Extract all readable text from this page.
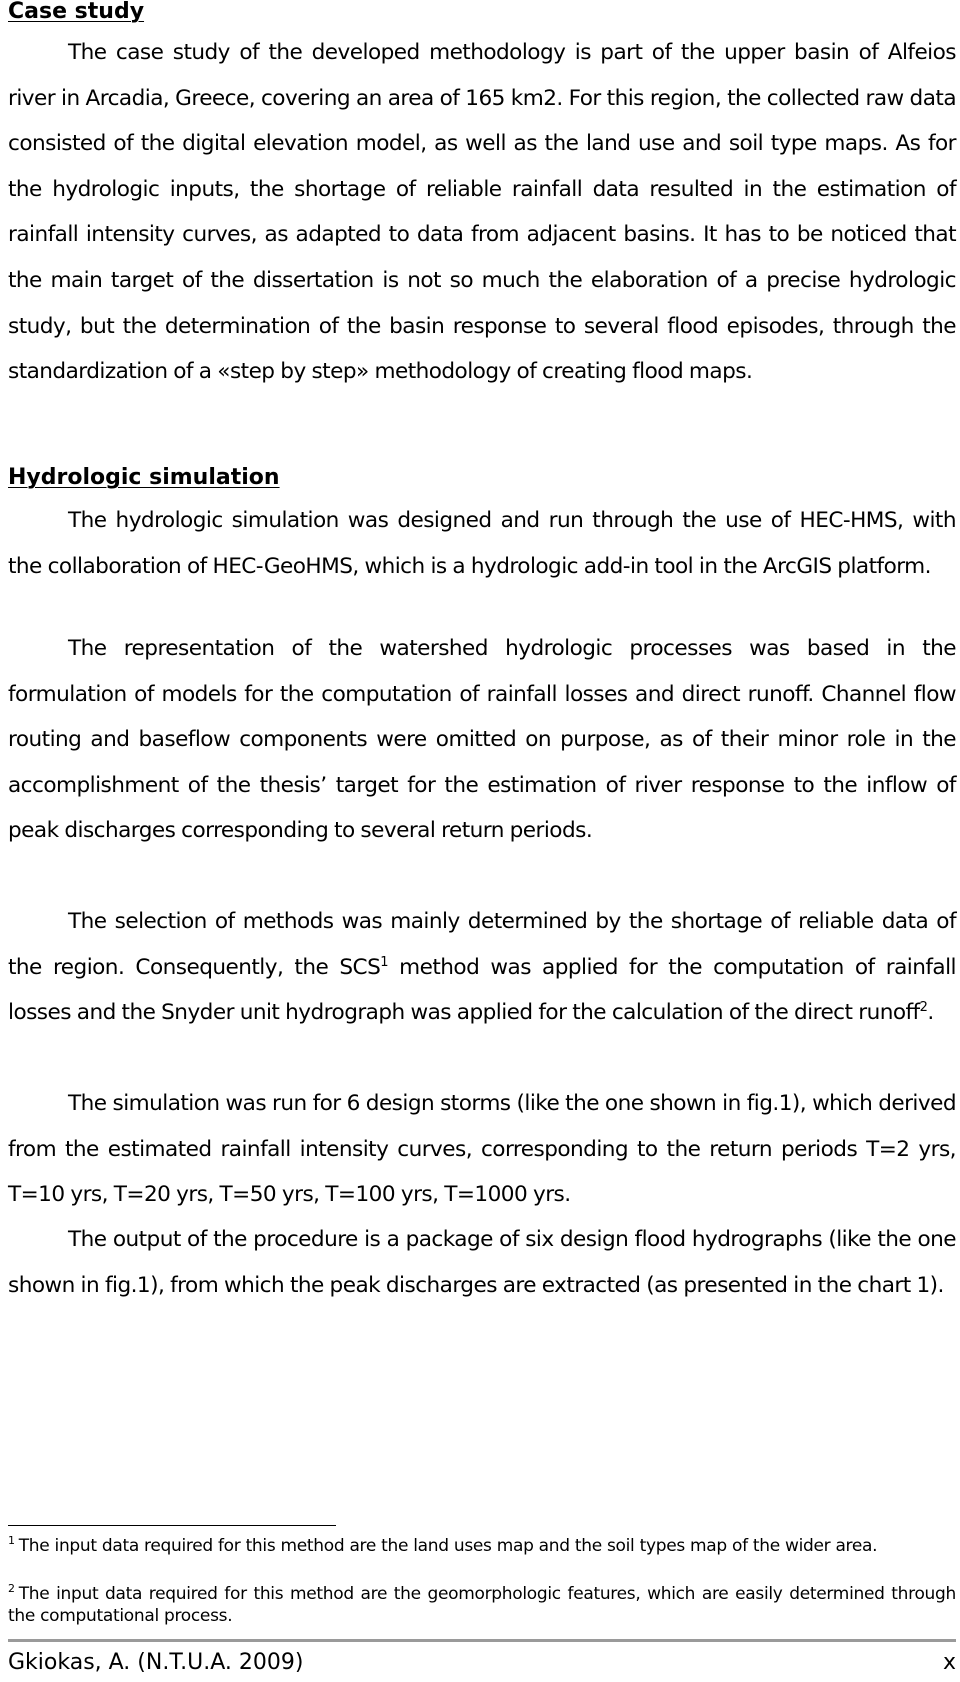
Case study

The case study of the developed methodology is part of the upper basin of Alfeios river in Arcadia, Greece, covering an area of 165 km2. For this region, the collected raw data consisted of the digital elevation model, as well as the land use and soil type maps. As for the hydrologic inputs, the shortage of reliable rainfall data resulted in the estimation of rainfall intensity curves, as adapted to data from adjacent basins. It has to be noticed that the main target of the dissertation is not so much the elaboration of a precise hydrologic study, but the determination of the basin response to several flood episodes, through the standardization of a «step by step» methodology of creating flood maps.

Hydrologic simulation

The hydrologic simulation was designed and run through the use of HEC-HMS, with the collaboration of HEC-GeoHMS, which is a hydrologic add-in tool in the ArcGIS platform.

The representation of the watershed hydrologic processes was based in the formulation of models for the computation of rainfall losses and direct runoff. Channel flow routing and baseflow components were omitted on purpose, as of their minor role in the accomplishment of the thesis’ target for the estimation of river response to the inflow of peak discharges corresponding to several return periods.

The selection of methods was mainly determined by the shortage of reliable data of the region. Consequently, the SCS$^1$ method was applied for the computation of rainfall losses and the Snyder unit hydrograph was applied for the calculation of the direct runoff$^2$.

The simulation was run for 6 design storms (like the one shown in fig.1), which derived from the estimated rainfall intensity curves, corresponding to the return periods T=2 yrs, T=10 yrs, T=20 yrs, T=50 yrs, T=100 yrs, T=1000 yrs.

The output of the procedure is a package of six design flood hydrographs (like the one shown in fig.1), from which the peak discharges are extracted (as presented in the chart 1).

$^1$ The input data required for this method are the land uses map and the soil types map of the wider area.

$^2$ The input data required for this method are the geomorphologic features, which are easily determined through the computational process.

Gkiokas, A. (N.T.U.A. 2009)	x
